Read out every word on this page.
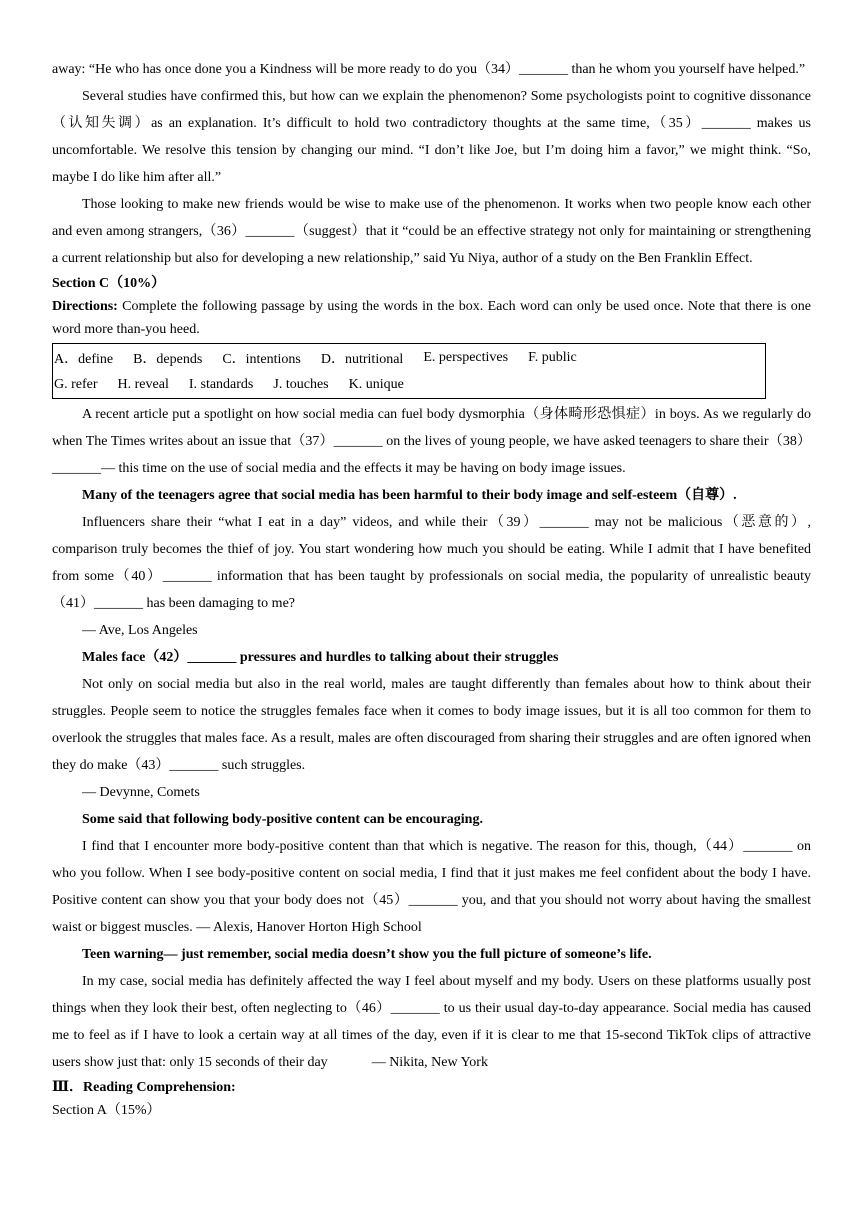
away: “He who has once done you a Kindness will be more ready to do you（34）_______ than he whom you yourself have helped.”

Several studies have confirmed this, but how can we explain the phenomenon? Some psychologists point to cognitive dissonance（认知失调）as an explanation. It’s difficult to hold two contradictory thoughts at the same time,（35）_______ makes us uncomfortable. We resolve this tension by changing our mind. “I don’t like Joe, but I’m doing him a favor,” we might think. “So, maybe I do like him after all.”

Those looking to make new friends would be wise to make use of the phenomenon. It works when two people know each other and even among strangers,（36）_______（suggest）that it “could be an effective strategy not only for maintaining or strengthening a current relationship but also for developing a new relationship,” said Yu Niya, author of a study on the Ben Franklin Effect.

Section C（10%）

Directions: Complete the following passage by using the words in the box. Each word can only be used once. Note that there is one word more than-you heed.

A．define B．depends C．intentions D．nutritional E. perspectives F. public
G. refer H. reveal I. standards J. touches K. unique

A recent article put a spotlight on how social media can fuel body dysmorphia（身体畸形恐惧症）in boys. As we regularly do when The Times writes about an issue that（37）_______ on the lives of young people, we have asked teenagers to share their（38）_______— this time on the use of social media and the effects it may be having on body image issues.

Many of the teenagers agree that social media has been harmful to their body image and self-esteem（自尊）.

Influencers share their “what I eat in a day” videos, and while their（39）_______ may not be malicious（恶意的）, comparison truly becomes the thief of joy. You start wondering how much you should be eating. While I admit that I have benefited from some（40）_______ information that has been taught by professionals on social media, the popularity of unrealistic beauty（41）_______ has been damaging to me?

— Ave, Los Angeles

Males face（42）_______ pressures and hurdles to talking about their struggles

Not only on social media but also in the real world, males are taught differently than females about how to think about their struggles. People seem to notice the struggles females face when it comes to body image issues, but it is all too common for them to overlook the struggles that males face. As a result, males are often discouraged from sharing their struggles and are often ignored when they do make（43）_______ such struggles.

— Devynne, Comets

Some said that following body-positive content can be encouraging.

I find that I encounter more body-positive content than that which is negative. The reason for this, though,（44）_______ on who you follow. When I see body-positive content on social media, I find that it just makes me feel confident about the body I have. Positive content can show you that your body does not（45）_______ you, and that you should not worry about having the smallest waist or biggest muscles. — Alexis, Hanover Horton High School

Teen warning— just remember, social media doesn’t show you the full picture of someone’s life.

In my case, social media has definitely affected the way I feel about myself and my body. Users on these platforms usually post things when they look their best, often neglecting to（46）_______ to us their usual day-to-day appearance. Social media has caused me to feel as if I have to look a certain way at all times of the day, even if it is clear to me that 15-second TikTok clips of attractive users show just that: only 15 seconds of their day	— Nikita, New York

Ⅲ．Reading Comprehension:

Section A（15%）
